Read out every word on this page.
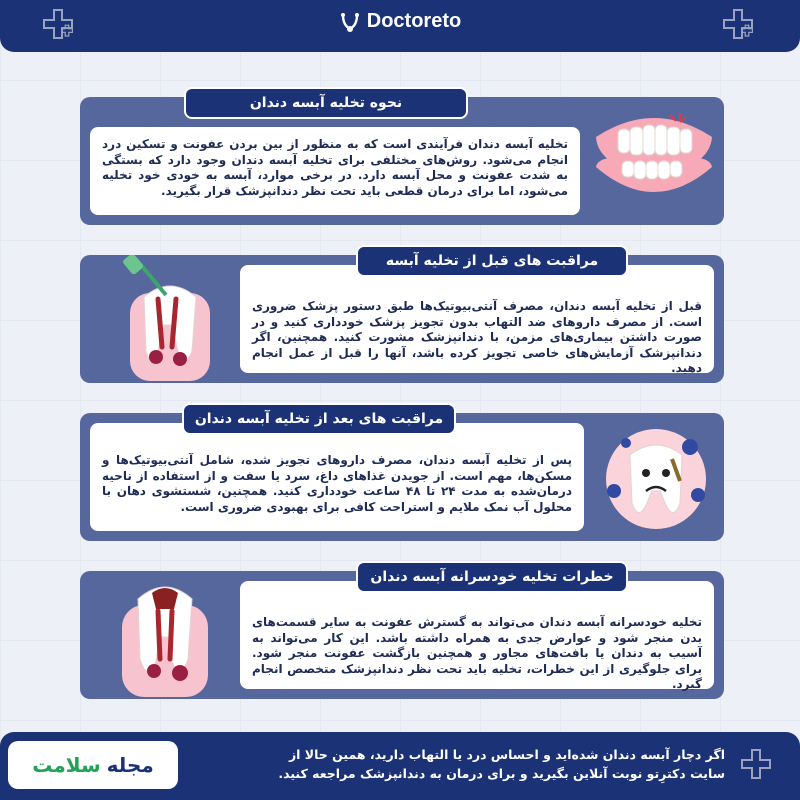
Doctoreto
تخلیه آبسه دندان فرآیندی است که به منظور از بین بردن عفونت و تسکین درد انجام می‌شود. روش‌های مختلفی برای تخلیه آبسه دندان وجود دارد که بستگی به شدت عفونت و محل آبسه دارد. در برخی موارد، آبسه به خودی خود تخلیه می‌شود، اما برای درمان قطعی باید تحت نظر دندانپزشک قرار بگیرید.
نحوه تخلیه آبسه دندان
قبل از تخلیه آبسه دندان، مصرف آنتی‌بیوتیک‌ها طبق دستور پزشک ضروری است. از مصرف داروهای ضد التهاب بدون تجویز پزشک خودداری کنید و در صورت داشتن بیماری‌های مزمن، با دندانپزشک مشورت کنید. همچنین، اگر دندانپزشک آزمایش‌های خاصی تجویز کرده باشد، آنها را قبل از عمل انجام دهید.
مراقبت های قبل از تخلیه آبسه
پس از تخلیه آبسه دندان، مصرف داروهای تجویز شده، شامل آنتی‌بیوتیک‌ها و مسکن‌ها، مهم است. از جویدن غذاهای داغ، سرد یا سفت و از استفاده از ناحیه درمان‌شده به مدت ۲۴ تا ۴۸ ساعت خودداری کنید. همچنین، شستشوی دهان با محلول آب نمک ملایم و استراحت کافی برای بهبودی ضروری است.
مراقبت های بعد از تخلیه آبسه دندان
تخلیه خودسرانه آبسه دندان می‌تواند به گسترش عفونت به سایر قسمت‌های بدن منجر شود و عوارض جدی به همراه داشته باشد. این کار می‌تواند به آسیب به دندان یا بافت‌های مجاور و همچنین بازگشت عفونت منجر شود. برای جلوگیری از این خطرات، تخلیه باید تحت نظر دندانپزشک متخصص انجام گیرد.
خطرات تخلیه خودسرانه آبسه دندان
مجله
سلامت	اگر دچار آبسه دندان شده‌اید و احساس درد یا التهاب دارید، همین حالا از
سایت دکترِتو نوبت آنلاین بگیرید و برای درمان به دندانپزشک مراجعه کنید.
